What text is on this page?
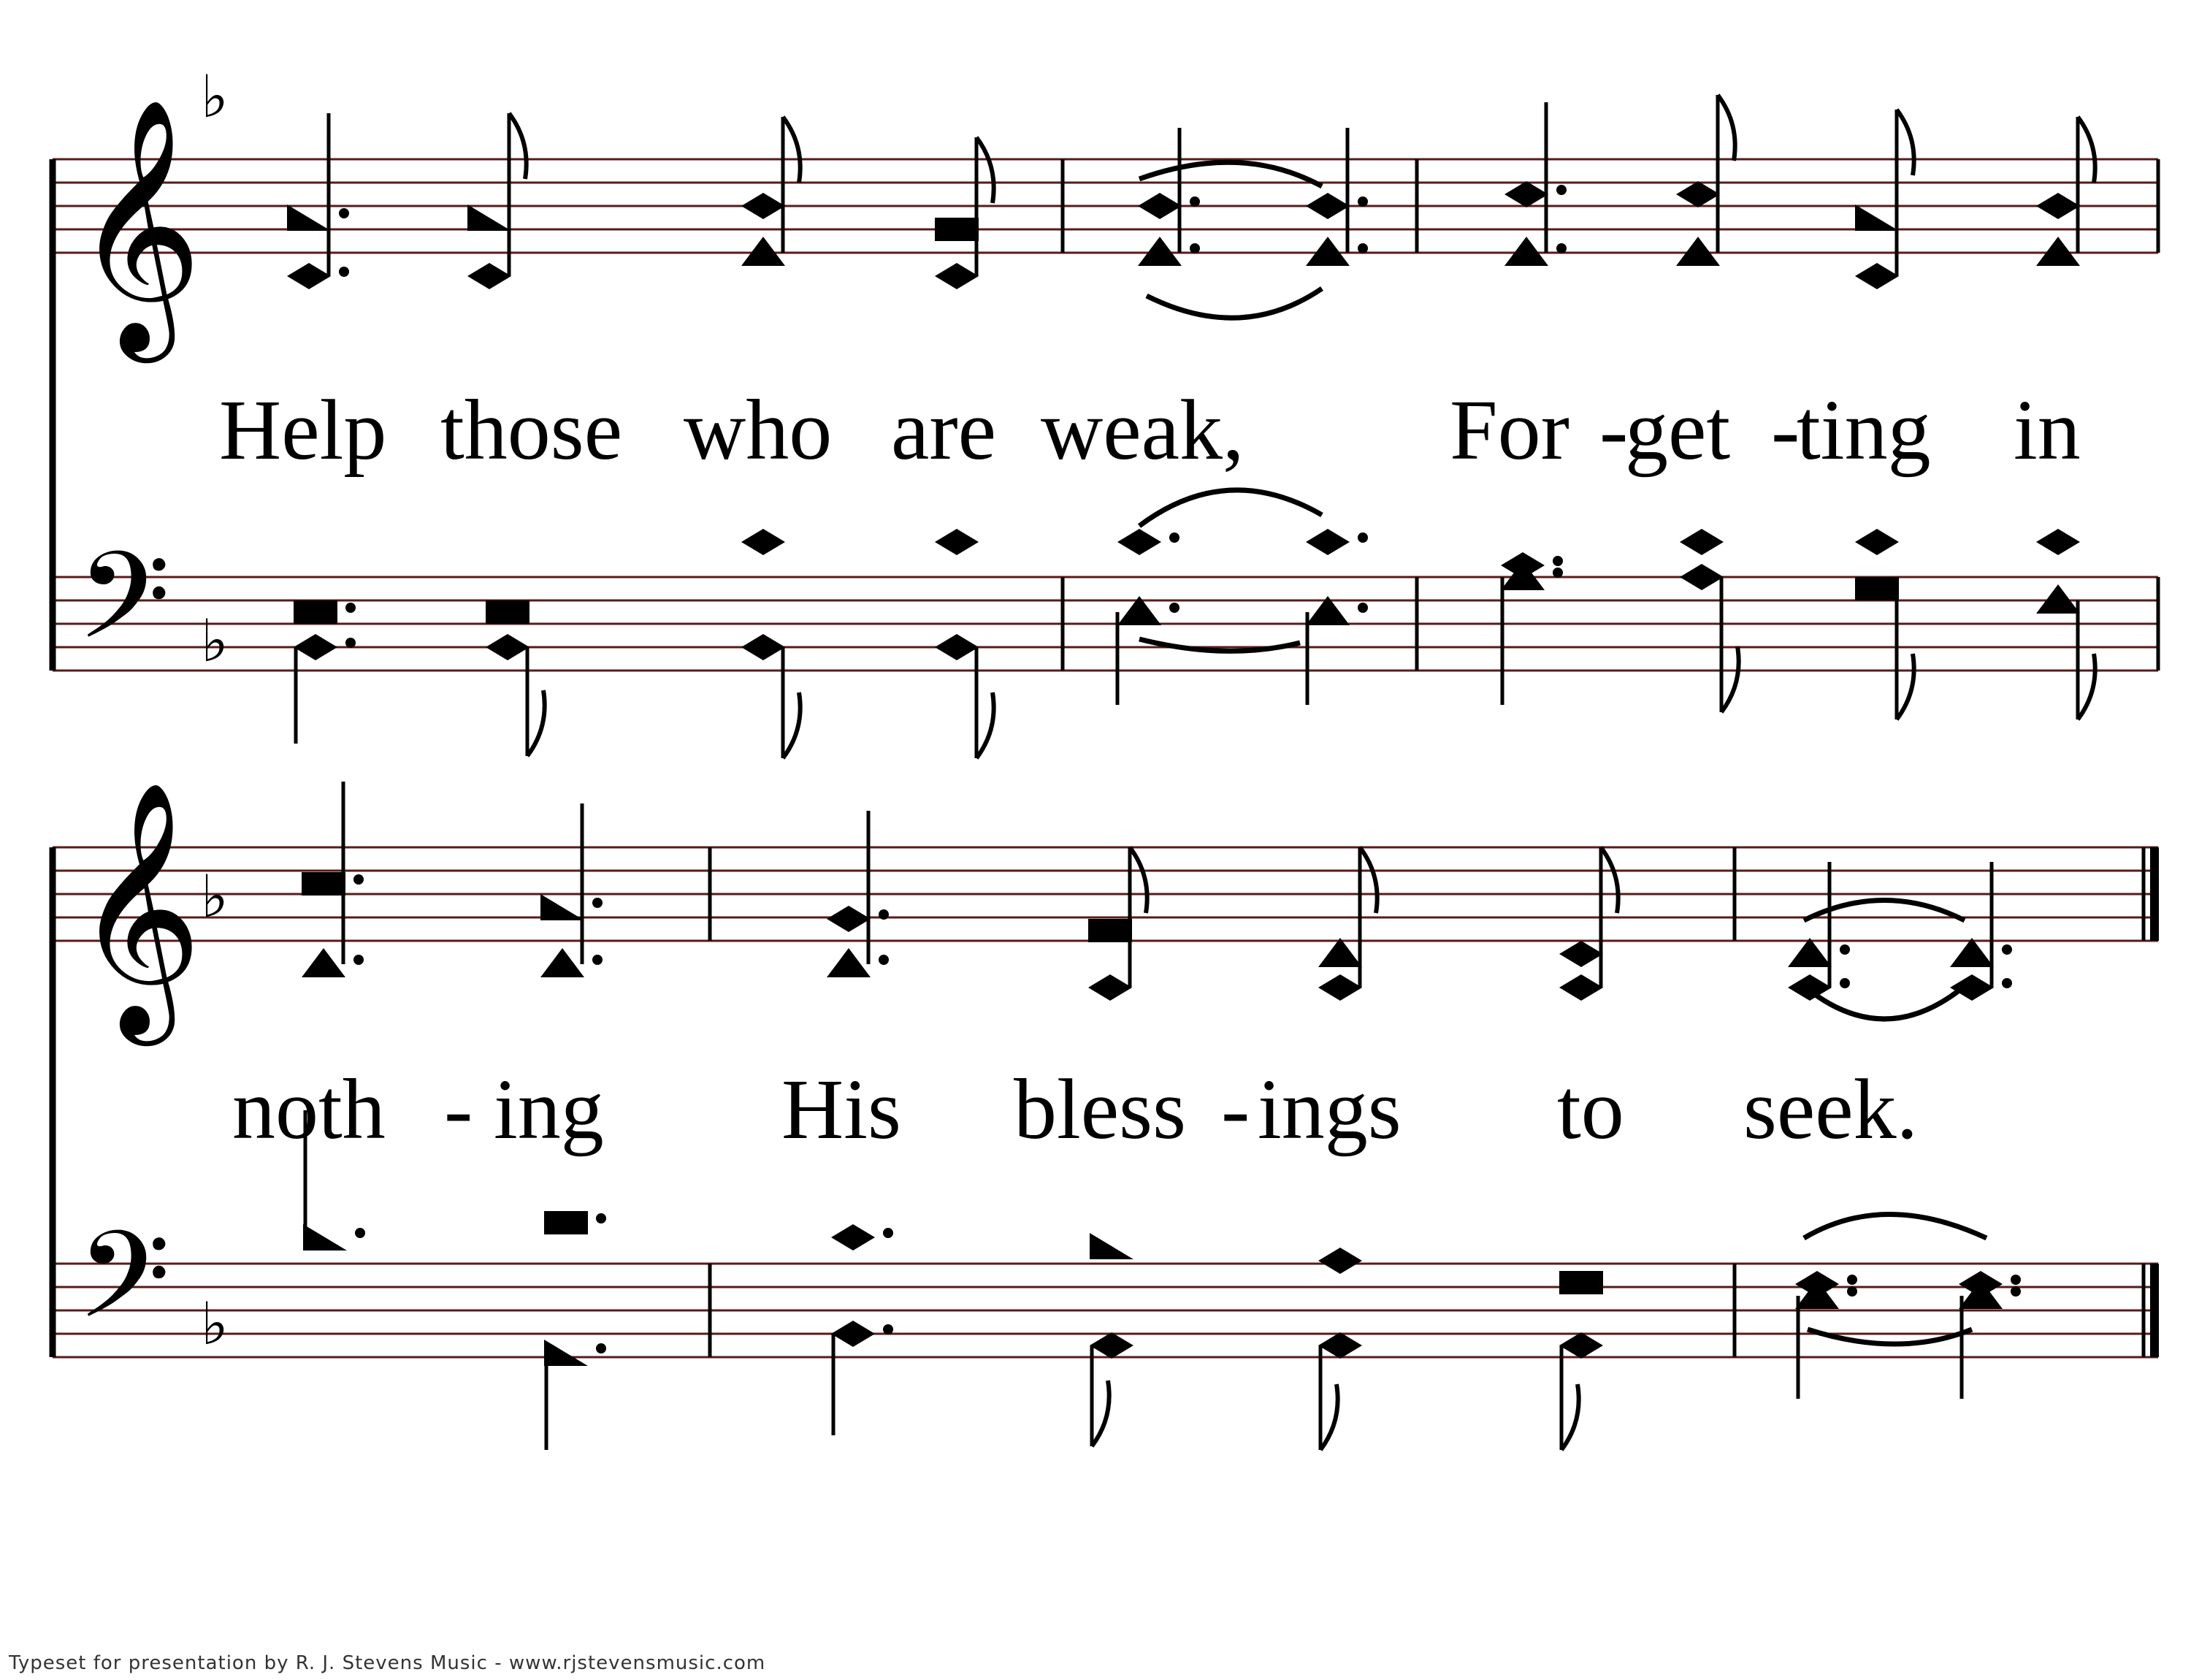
𝄞
𝄢
𝄞
𝄢
♭
♭
♭
♭
Help those who are weak, For -
get -
ting in
noth - ing His bless - ings to seek.
Typeset for presentation by R. J. Stevens Music - www.rjstevensmusic.com
